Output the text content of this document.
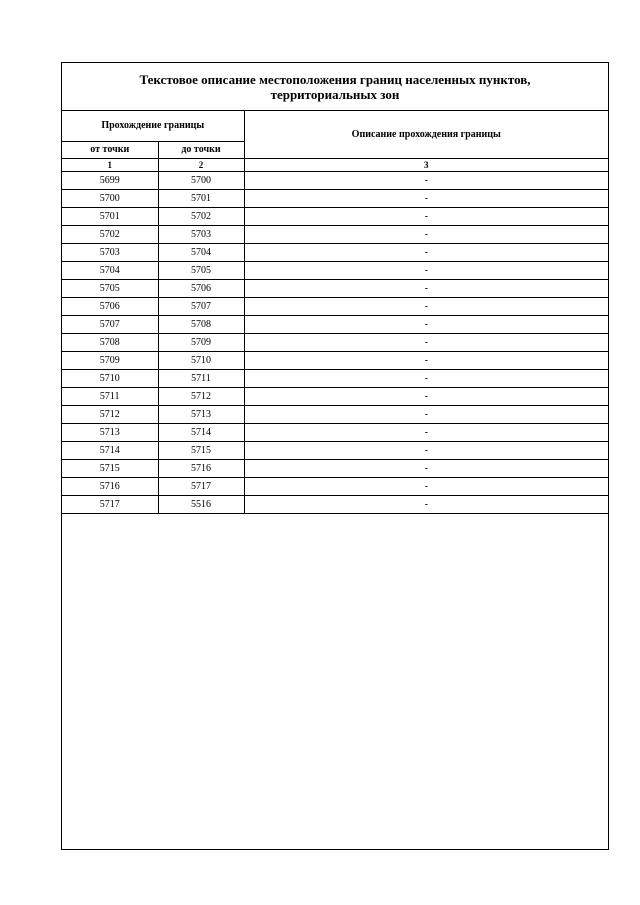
Текстовое описание местоположения границ населенных пунктов,
территориальных зон
Прохождение границы		Описание прохождения границы
от точки	до точки	
1	2	3
5699	5700	-
5700	5701	-
5701	5702	-
5702	5703	-
5703	5704	-
5704	5705	-
5705	5706	-
5706	5707	-
5707	5708	-
5708	5709	-
5709	5710	-
5710	5711	-
5711	5712	-
5712	5713	-
5713	5714	-
5714	5715	-
5715	5716	-
5716	5717	-
5717	5516	-
